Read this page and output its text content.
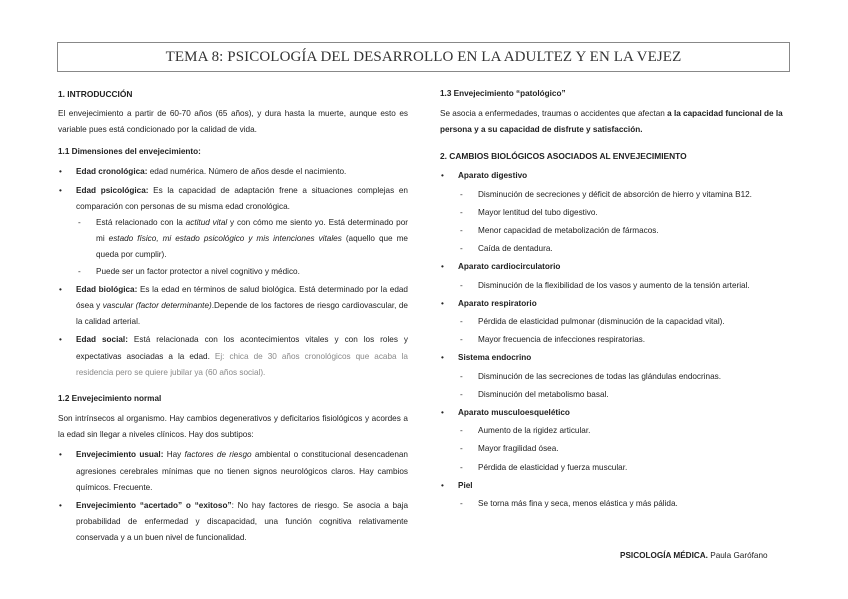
TEMA 8: PSICOLOGÍA DEL DESARROLLO EN LA ADULTEZ Y EN LA VEJEZ
1. INTRODUCCIÓN

El envejecimiento a partir de 60-70 años (65 años), y dura hasta la muerte, aunque esto es variable pues está condicionado por la calidad de vida.

1.1 Dimensiones del envejecimiento:
• Edad cronológica: edad numérica. Número de años desde el nacimiento.
• Edad psicológica: Es la capacidad de adaptación frene a situaciones complejas en comparación con personas de su misma edad cronológica.
- Está relacionado con la actitud vital y con cómo me siento yo. Está determinado por mi estado físico, mi estado psicológico y mis intenciones vitales (aquello que me queda por cumplir).
- Puede ser un factor protector a nivel cognitivo y médico.
• Edad biológica: Es la edad en términos de salud biológica. Está determinado por la edad ósea y vascular (factor determinante).Depende de los factores de riesgo cardiovascular, de la calidad arterial.
• Edad social: Está relacionada con los acontecimientos vitales y con los roles y expectativas asociadas a la edad. Ej: chica de 30 años cronológicos que acaba la residencia pero se quiere jubilar ya (60 años social).
1.2 Envejecimiento normal

Son intrínsecos al organismo. Hay cambios degenerativos y deficitarios fisiológicos y acordes a la edad sin llegar a niveles clínicos. Hay dos subtipos:

• Envejecimiento usual: Hay factores de riesgo ambiental o constitucional desencadenan agresiones cerebrales mínimas que no tienen signos neurológicos claros. Hay cambios químicos. Frecuente.
• Envejecimiento “acertado” o “exitoso”: No hay factores de riesgo. Se asocia a baja probabilidad de enfermedad y discapacidad, una función cognitiva relativamente conservada y a un buen nivel de funcionalidad.
1.3 Envejecimiento “patológico”

Se asocia a enfermedades, traumas o accidentes que afectan a la capacidad funcional de la persona y a su capacidad de disfrute y satisfacción.

2. CAMBIOS BIOLÓGICOS ASOCIADOS AL ENVEJECIMIENTO
• Aparato digestivo
- Disminución de secreciones y déficit de absorción de hierro y vitamina B12.
- Mayor lentitud del tubo digestivo.
- Menor capacidad de metabolización de fármacos.
- Caída de dentadura.
• Aparato cardiocirculatorio
- Disminución de la flexibilidad de los vasos y aumento de la tensión arterial.
• Aparato respiratorio
- Pérdida de elasticidad pulmonar (disminución de la capacidad vital).
- Mayor frecuencia de infecciones respiratorias.
• Sistema endocrino
- Disminución de las secreciones de todas las glándulas endocrinas.
- Disminución del metabolismo basal.
• Aparato musculoesquelético
- Aumento de la rigidez articular.
- Mayor fragilidad ósea.
- Pérdida de elasticidad y fuerza muscular.
• Piel
- Se torna más fina y seca, menos elástica y más pálida.
PSICOLOGÍA MÉDICA. Paula Garófano
